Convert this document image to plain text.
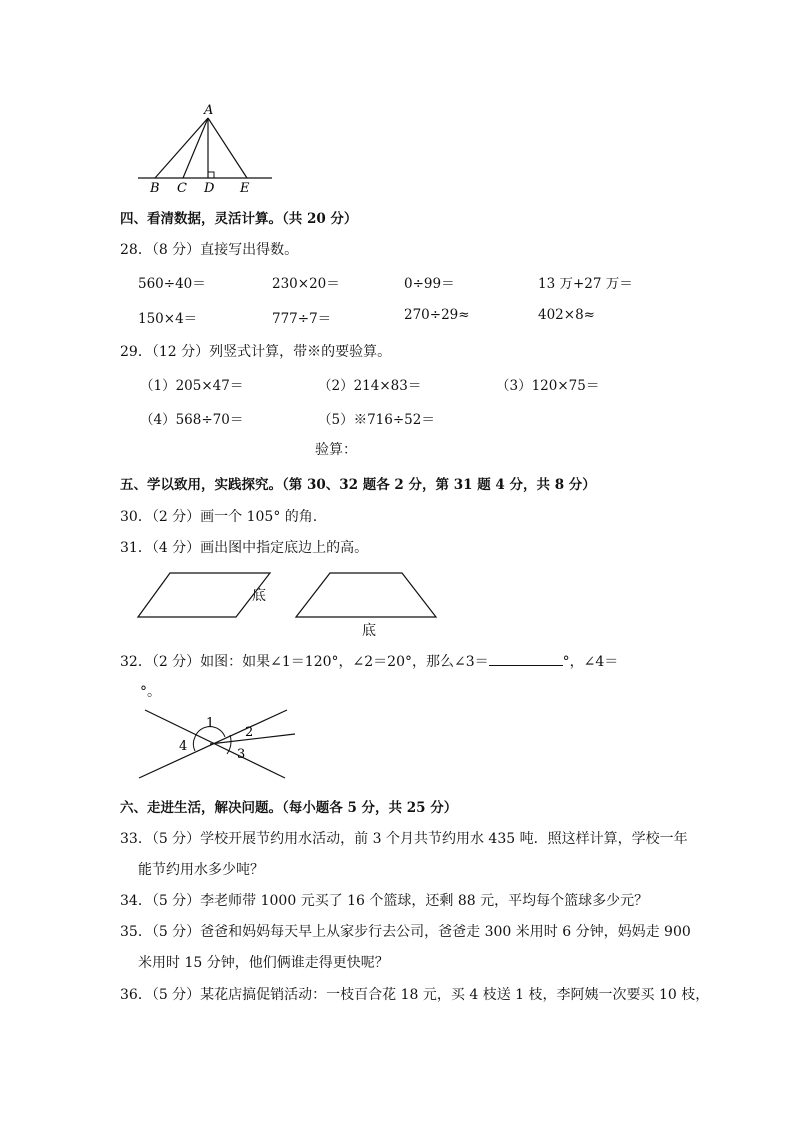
A
B C D E
四、看清数据，灵活计算。（共 20 分）
28．（8 分）直接写出得数。
560÷40＝	230×20＝	0÷99＝	13 万+27 万＝
150×4＝	777÷7＝	270÷29≈	402×8≈
29．（12 分）列竖式计算，带※的要验算。
（1）205×47＝	（2）214×83＝	（3）120×75＝
（4）568÷70＝	（5）※716÷52＝
验算：
五、学以致用，实践探究。（第 30、32 题各 2 分，第 31 题 4 分，共 8 分）
30．（2 分）画一个 105° 的角.
31．（4 分）画出图中指定底边上的高。
底
底
32．（2 分）如图：如果∠1＝120°，∠2＝20°，那么∠3＝	°，∠4＝
°。
1
2
3
4
六、走进生活，解决问题。（每小题各 5 分，共 25 分）
33．（5 分）学校开展节约用水活动，前 3 个月共节约用水 435 吨．照这样计算，学校一年
能节约用水多少吨？
34．（5 分）李老师带 1000 元买了 16 个篮球，还剩 88 元，平均每个篮球多少元？
35．（5 分）爸爸和妈妈每天早上从家步行去公司，爸爸走 300 米用时 6 分钟，妈妈走 900
米用时 15 分钟，他们俩谁走得更快呢？
36．（5 分）某花店搞促销活动：一枝百合花 18 元，买 4 枝送 1 枝，李阿姨一次要买 10 枝，
